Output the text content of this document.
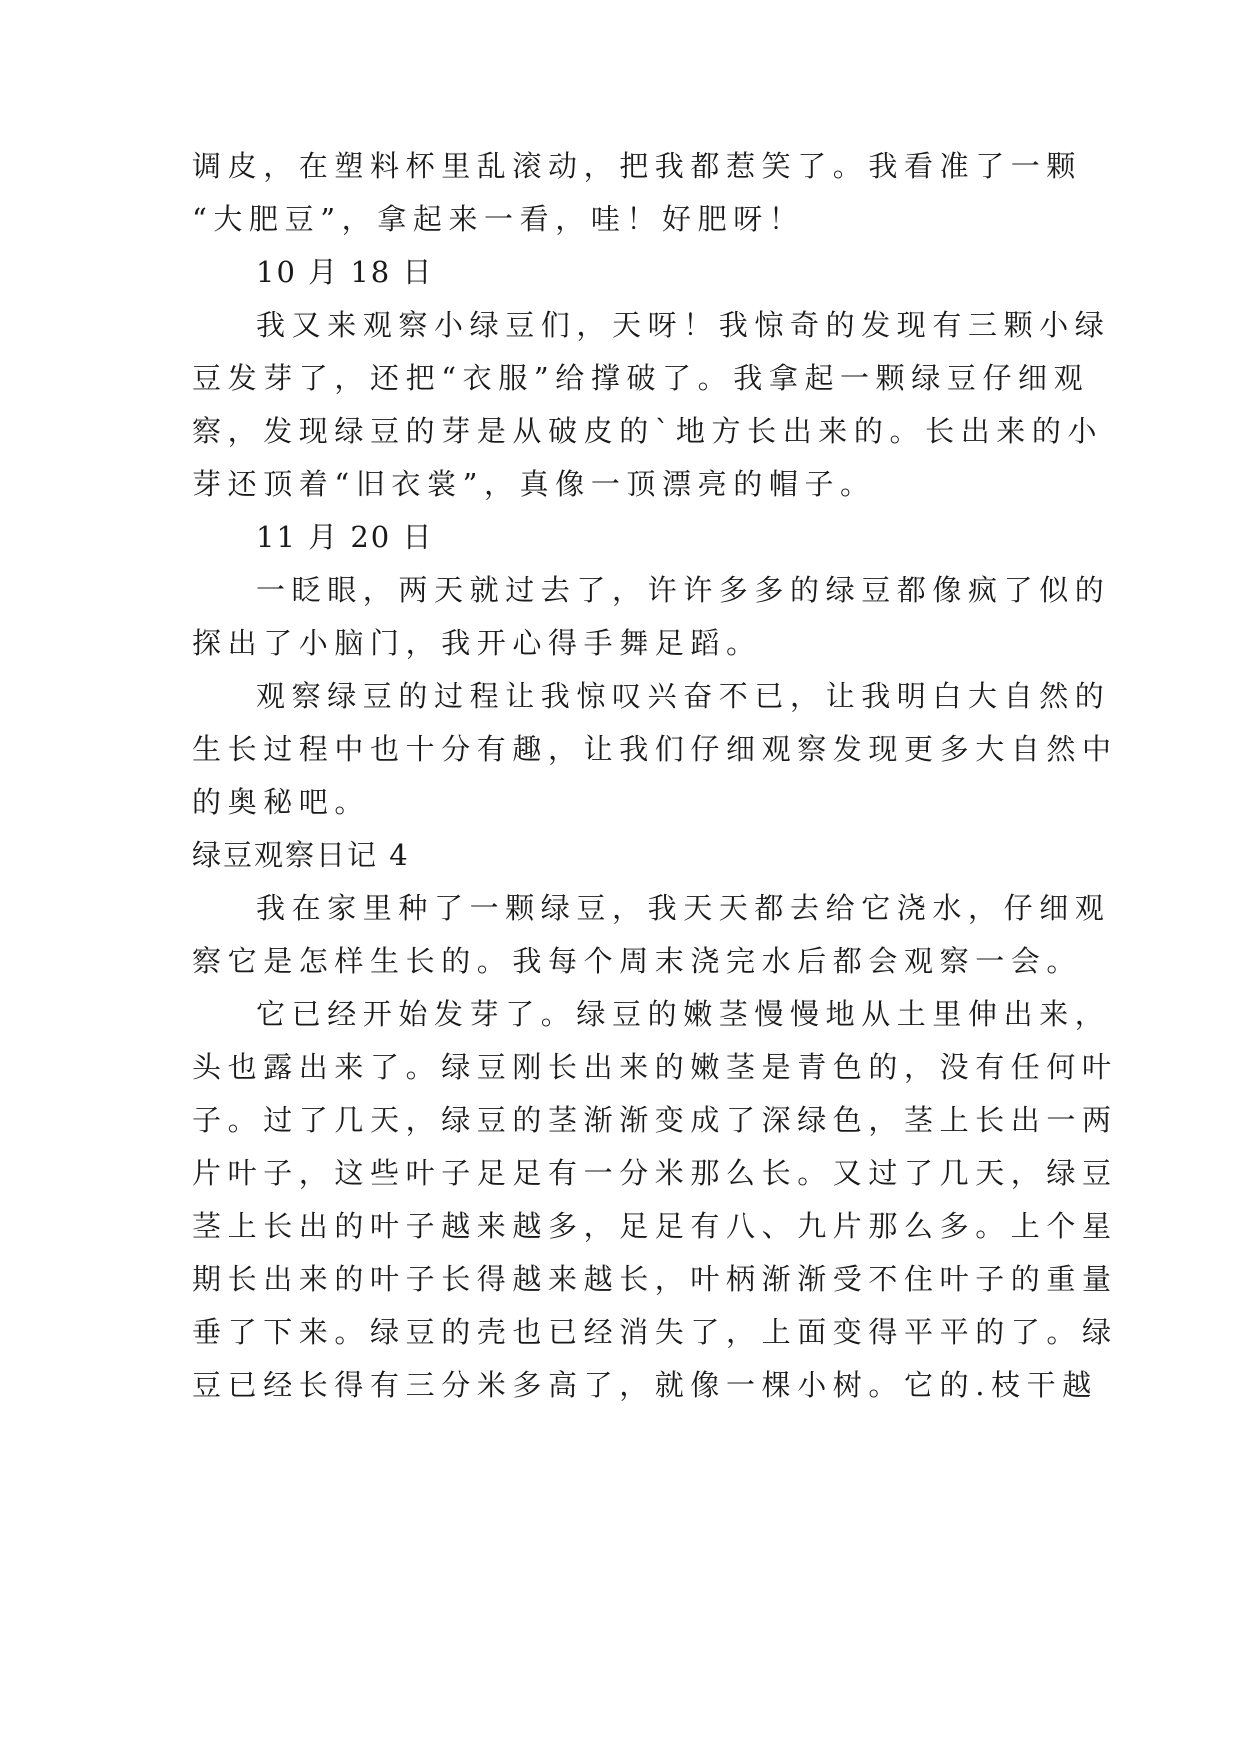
调皮，在塑料杯里乱滚动，把我都惹笑了。我看准了一颗
“大肥豆”，拿起来一看，哇！好肥呀！
10 月 18 日
我又来观察小绿豆们，天呀！我惊奇的发现有三颗小绿
豆发芽了，还把“衣服”给撑破了。我拿起一颗绿豆仔细观
察，发现绿豆的芽是从破皮的`地方长出来的。长出来的小
芽还顶着“旧衣裳”，真像一顶漂亮的帽子。
11 月 20 日
一眨眼，两天就过去了，许许多多的绿豆都像疯了似的
探出了小脑门，我开心得手舞足蹈。
观察绿豆的过程让我惊叹兴奋不已，让我明白大自然的
生长过程中也十分有趣，让我们仔细观察发现更多大自然中
的奥秘吧。
绿豆观察日记 4
我在家里种了一颗绿豆，我天天都去给它浇水，仔细观
察它是怎样生长的。我每个周末浇完水后都会观察一会。
它已经开始发芽了。绿豆的嫩茎慢慢地从土里伸出来，
头也露出来了。绿豆刚长出来的嫩茎是青色的，没有任何叶
子。过了几天，绿豆的茎渐渐变成了深绿色，茎上长出一两
片叶子，这些叶子足足有一分米那么长。又过了几天，绿豆
茎上长出的叶子越来越多，足足有八、九片那么多。上个星
期长出来的叶子长得越来越长，叶柄渐渐受不住叶子的重量
垂了下来。绿豆的壳也已经消失了，上面变得平平的了。绿
豆已经长得有三分米多高了，就像一棵小树。它的.枝干越
